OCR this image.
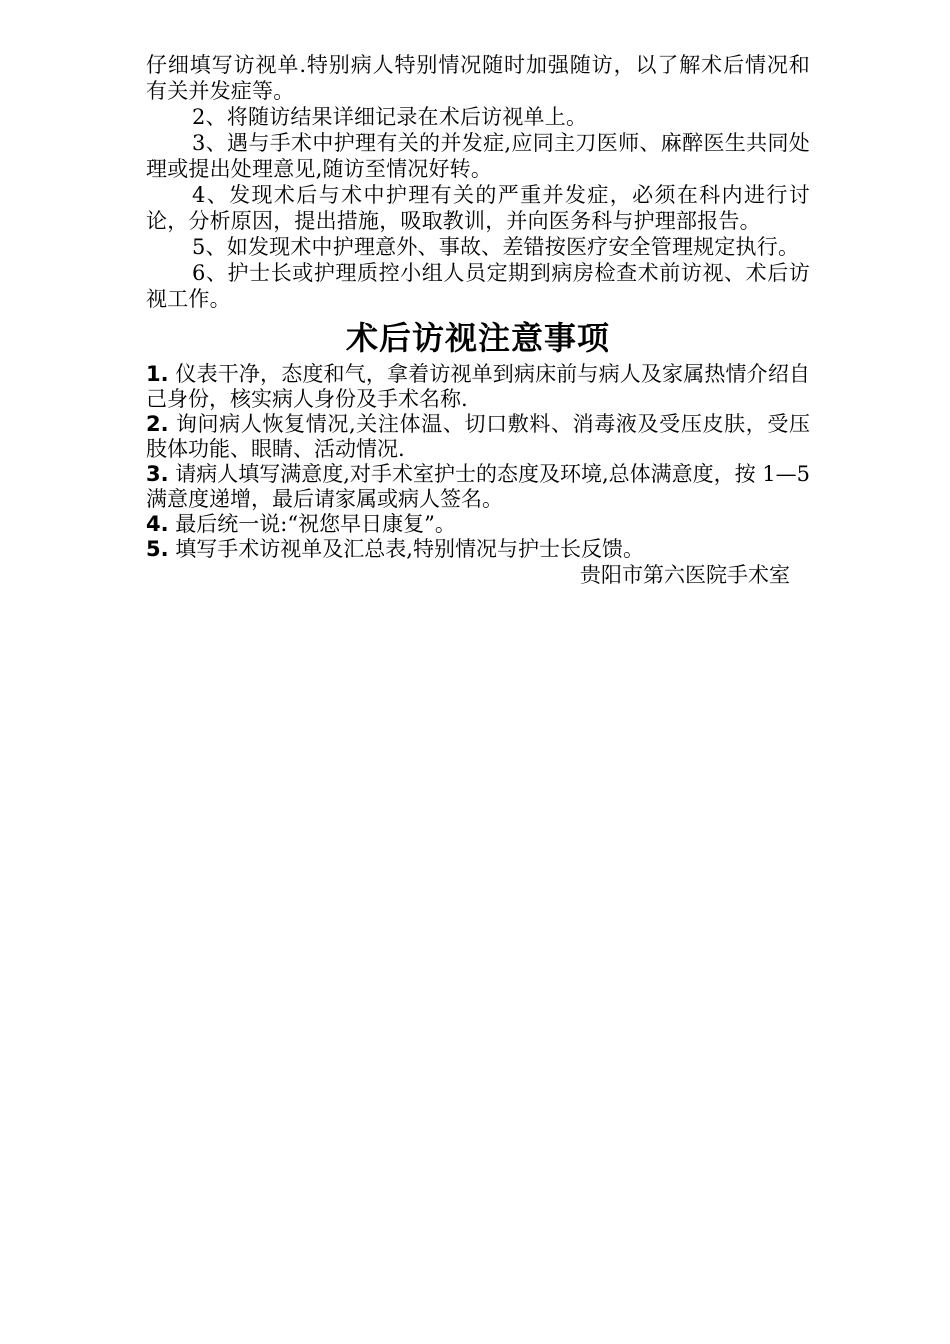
仔细填写访视单.特别病人特别情况随时加强随访，以了解术后情况和有关并发症等。

2、将随访结果详细记录在术后访视单上。

3、遇与手术中护理有关的并发症,应同主刀医师、麻醉医生共同处理或提出处理意见,随访至情况好转。

4、发现术后与术中护理有关的严重并发症，必须在科内进行讨论，分析原因，提出措施，吸取教训，并向医务科与护理部报告。

5、如发现术中护理意外、事故、差错按医疗安全管理规定执行。

6、护士长或护理质控小组人员定期到病房检查术前访视、术后访视工作。

术后访视注意事项

1. 仪表干净，态度和气，拿着访视单到病床前与病人及家属热情介绍自己身份，核实病人身份及手术名称.

2. 询问病人恢复情况,关注体温、切口敷料、消毒液及受压皮肤，受压肢体功能、眼睛、活动情况.

3. 请病人填写满意度,对手术室护士的态度及环境,总体满意度，按 1—5 满意度递增，最后请家属或病人签名。

4. 最后统一说:“祝您早日康复”。

5. 填写手术访视单及汇总表,特别情况与护士长反馈。

贵阳市第六医院手术室
